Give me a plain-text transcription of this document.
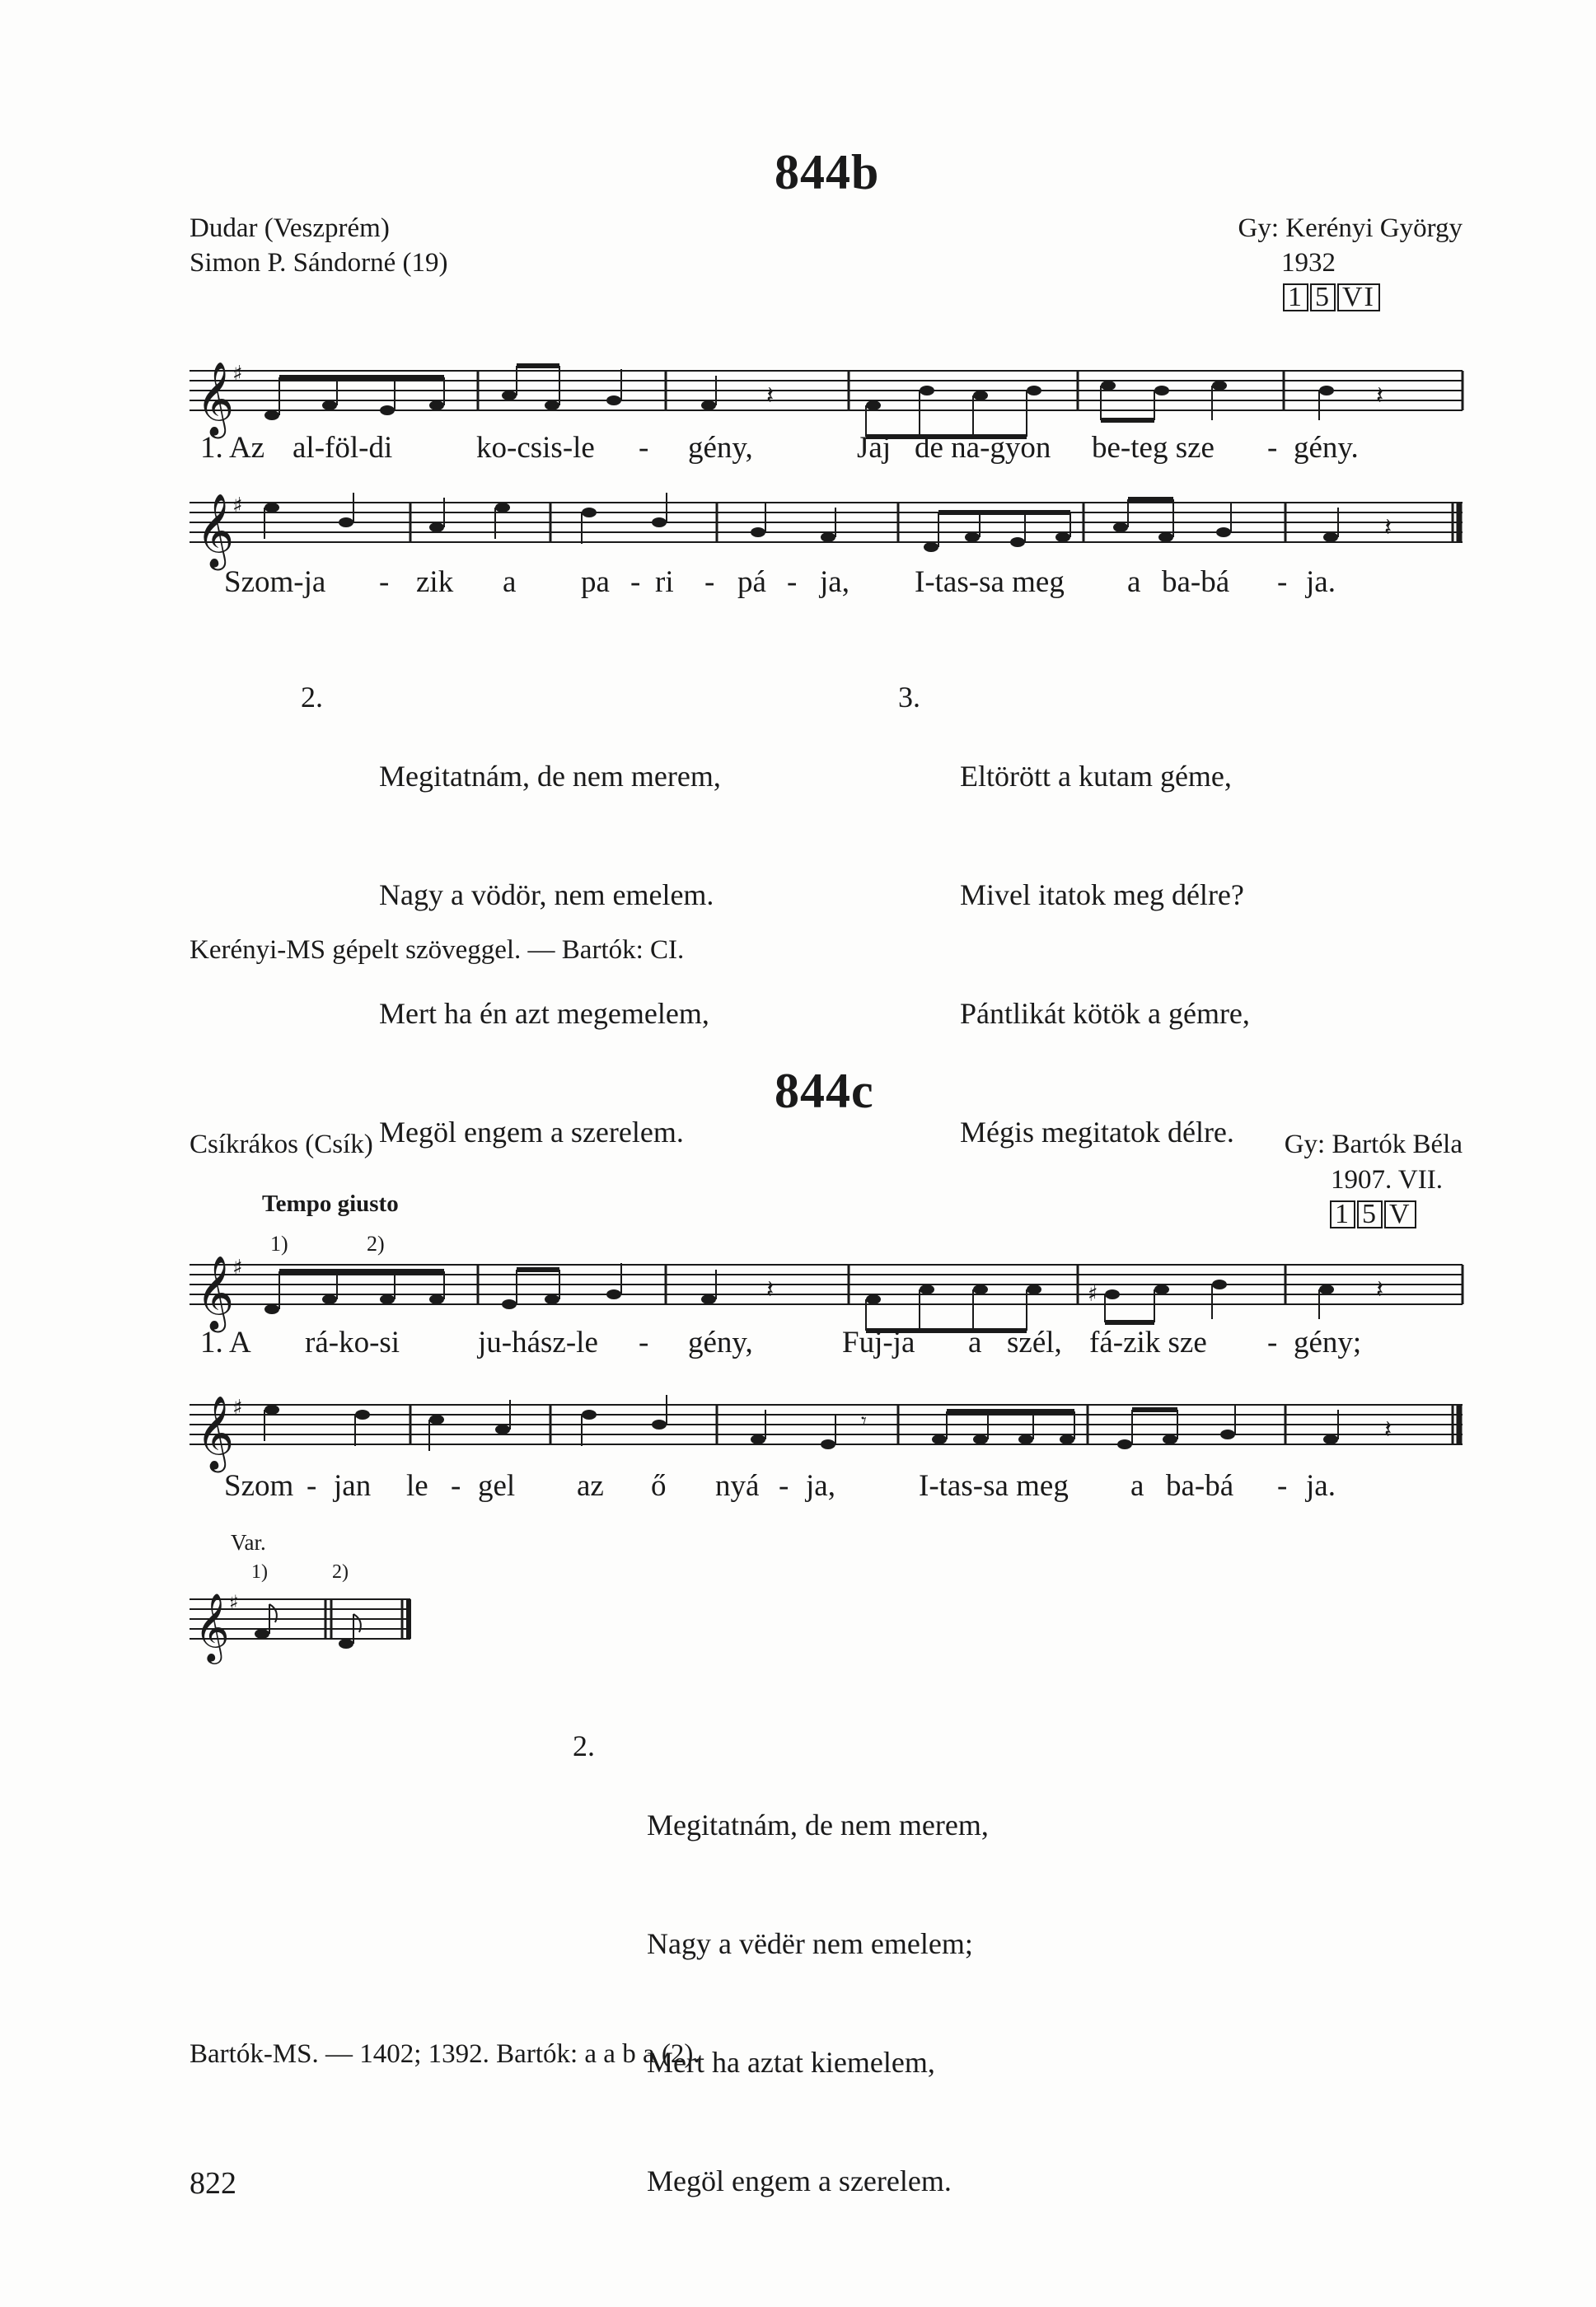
844b
Dudar (Veszprém)
Simon P. Sándorné (19)
Gy: Kerényi György
1932
1 5 VI
𝄞
♯
𝄽	𝄽
1. Az al-föl-di	ko-csis-le - gény,	Jaj de na-gyon be-teg sze - gény.
𝄞
♯
𝄽
Szom-ja - zik a pa - ri - pá - ja, I-tas-sa meg a ba-bá - ja.
2.

Megitatnám, de nem merem,

Nagy a vödör, nem emelem.

Mert ha én azt megemelem,

Megöl engem a szerelem.

3.

Eltörött a kutam géme,

Mivel itatok meg délre?

Pántlikát kötök a gémre,

Mégis megitatok délre.

Kerényi-MS gépelt szöveggel. — Bartók: CI.
844c
Csíkrákos (Csík)	Gy: Bartók Béla
1907. VII.
1 5 V
Tempo giusto
1)	2)
𝄞
♯
♯
𝄽	𝄽
1. A rá-ko-si	ju-hász-le - gény,	Fuj-ja a szél, fá-zik sze - gény;
𝄞
♯
𝄾	𝄽
Szom - jan le - gel az ő nyá - ja,	I-tas-sa meg a ba-bá - ja.
Var.
1)	2)
𝄞 ♯
2.

Megitatnám, de nem merem,

Nagy a vëdër nem emelem;

Mert ha aztat kiemelem,

Megöl engem a szerelem.

Bartók-MS. — 1402; 1392. Bartók: a a b a (2).
822
